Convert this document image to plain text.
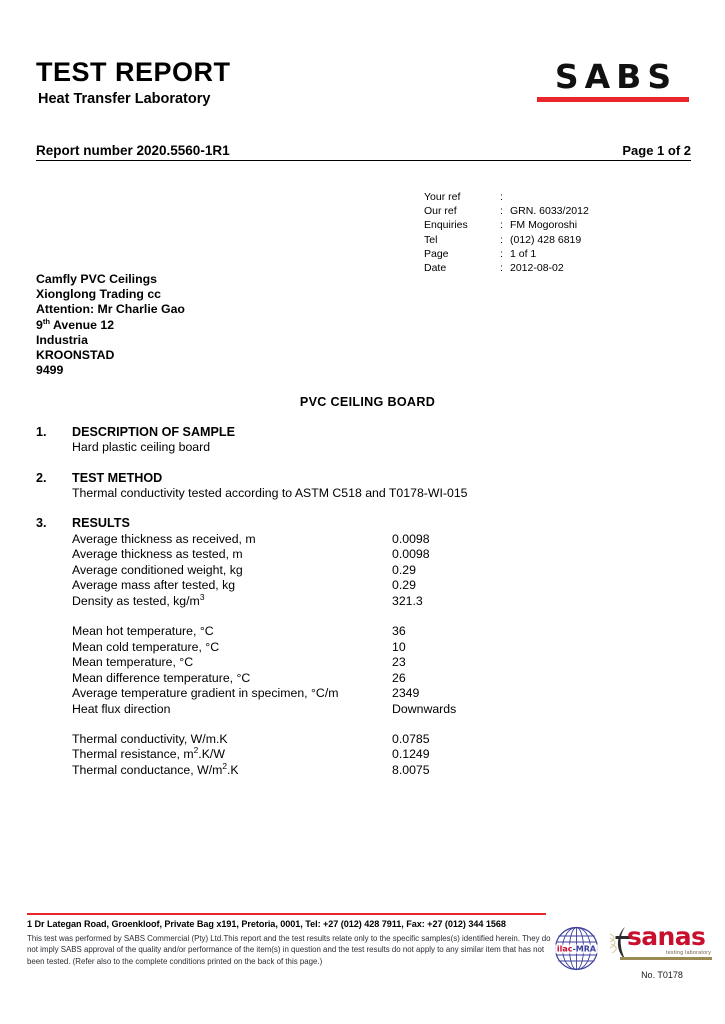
TEST REPORT
Heat Transfer Laboratory
SABS
Report number 2020.5560-1R1	Page 1 of 2
Your ref	:	
Our ref	:	GRN. 6033/2012
Enquiries	:	FM Mogoroshi
Tel	:	(012) 428 6819
Page	:	1 of 1
Date	:	2012-08-02
Camfly PVC Ceilings
Xionglong Trading cc
Attention: Mr Charlie Gao
9th Avenue 12
Industria
KROONSTAD
9499
PVC CEILING BOARD
1.	DESCRIPTION OF SAMPLE
Hard plastic ceiling board
2.	TEST METHOD
Thermal conductivity tested according to ASTM C518 and T0178-WI-015
3.	RESULTS
Average thickness as received, m	0.0098
Average thickness as tested, m	0.0098
Average conditioned weight, kg	0.29
Average mass after tested, kg	0.29
Density as tested, $kg/m^3$	321.3

Mean hot temperature, °C	36
Mean cold temperature, °C	10
Mean temperature, °C	23
Mean difference temperature, °C	26
Average temperature gradient in specimen, °C/m	2349
Heat flux direction	Downwards

Thermal conductivity, W/m.K	0.0785
Thermal resistance, $m^2.K/W$	0.1249
Thermal conductance, $W/m^2.K$	8.0075
1 Dr Lategan Road, Groenkloof, Private Bag x191, Pretoria, 0001, Tel: +27 (012) 428 7911, Fax: +27 (012) 344 1568
This test was performed by SABS Commercial (Pty) Ltd.This report and the test results relate only to the specific samples(s) identified herein. They do not imply SABS approval of the quality and/or performance of the item(s) in question and the test results do not apply to any similar item that has not been tested. (Refer also to the complete conditions printed on the back of this page.)
ilac-MRA sanas
testing laboratory
No. T0178
